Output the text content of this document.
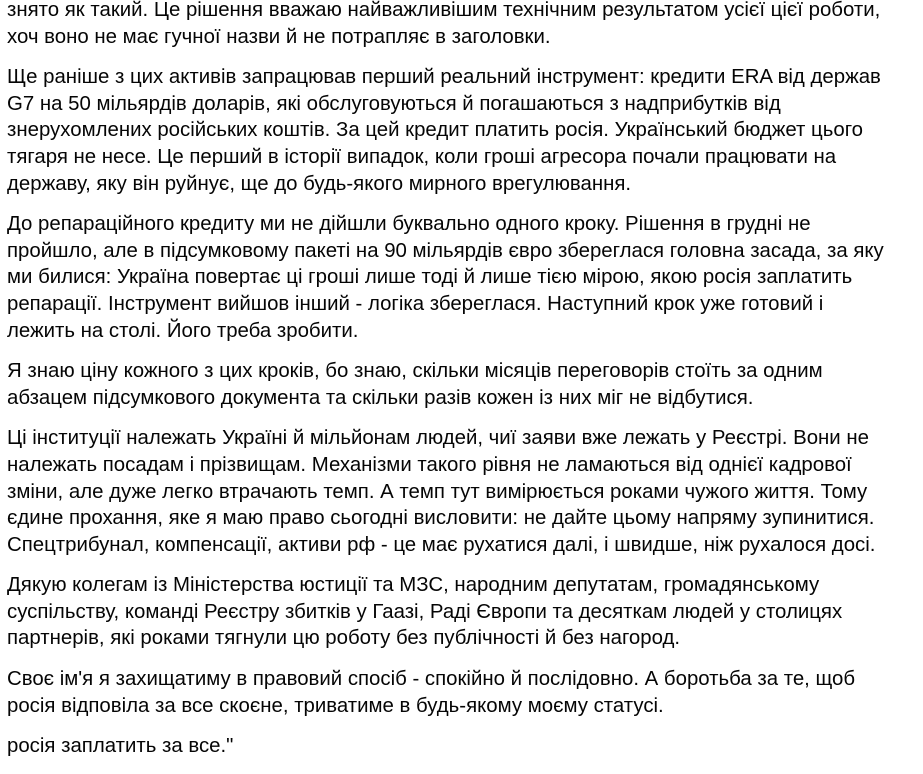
знято як такий. Це рішення вважаю найважливішим технічним результатом усієї цієї роботи,
хоч воно не має гучної назви й не потрапляє в заголовки.

Ще раніше з цих активів запрацював перший реальний інструмент: кредити ERA від держав
G7 на 50 мільярдів доларів, які обслуговуються й погашаються з надприбутків від
знерухомлених російських коштів. За цей кредит платить росія. Український бюджет цього
тягаря не несе. Це перший в історії випадок, коли гроші агресора почали працювати на
державу, яку він руйнує, ще до будь-якого мирного врегулювання.

До репараційного кредиту ми не дійшли буквально одного кроку. Рішення в грудні не
пройшло, але в підсумковому пакеті на 90 мільярдів євро збереглася головна засада, за яку
ми билися: Україна повертає ці гроші лише тоді й лише тією мірою, якою росія заплатить
репарації. Інструмент вийшов інший - логіка збереглася. Наступний крок уже готовий і
лежить на столі. Його треба зробити.

Я знаю ціну кожного з цих кроків, бо знаю, скільки місяців переговорів стоїть за одним
абзацем підсумкового документа та скільки разів кожен із них міг не відбутися.

Ці інституції належать Україні й мільйонам людей, чиї заяви вже лежать у Реєстрі. Вони не
належать посадам і прізвищам. Механізми такого рівня не ламаються від однієї кадрової
зміни, але дуже легко втрачають темп. А темп тут вимірюється роками чужого життя. Тому
єдине прохання, яке я маю право сьогодні висловити: не дайте цьому напряму зупинитися.
Спецтрибунал, компенсації, активи рф - це має рухатися далі, і швидше, ніж рухалося досі.

Дякую колегам із Міністерства юстиції та МЗС, народним депутатам, громадянському
суспільству, команді Реєстру збитків у Гаазі, Раді Європи та десяткам людей у столицях
партнерів, які роками тягнули цю роботу без публічності й без нагород.

Своє ім'я я захищатиму в правовий спосіб - спокійно й послідовно. А боротьба за те, щоб
росія відповіла за все скоєне, триватиме в будь-якому моєму статусі.

росія заплатить за все."
